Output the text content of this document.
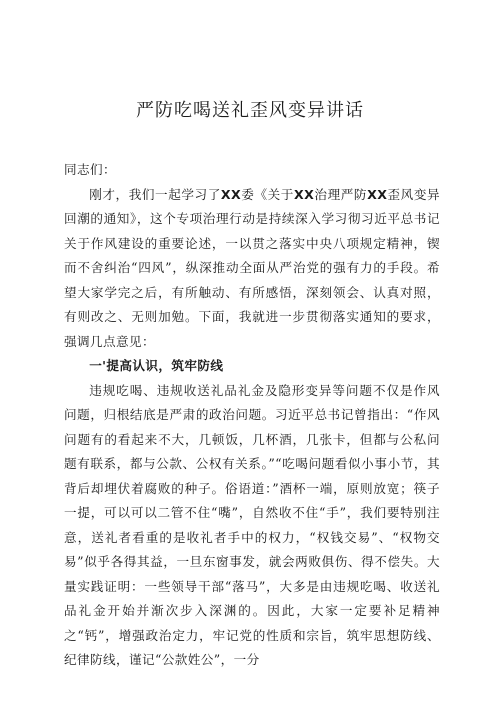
严防吃喝送礼歪风变异讲话

同志们：

刚才，我们一起学习了XX委《关于XX治理严防XX歪风变异回潮的通知》，这个专项治理行动是持续深入学习彻习近平总书记关于作风建设的重要论述，一以贯之落实中央八项规定精神，锲而不舍纠治“四风”，纵深推动全面从严治党的强有力的手段。希望大家学完之后，有所触动、有所感悟，深刻领会、认真对照，有则改之、无则加勉。下面，我就进一步贯彻落实通知的要求，强调几点意见：

一'提高认识，筑牢防线

违规吃喝、违规收送礼品礼金及隐形变异等问题不仅是作风问题，归根结底是严肃的政治问题。习近平总书记曾指出：“作风问题有的看起来不大，几顿饭，几杯酒，几张卡，但都与公私问题有联系，都与公款、公权有关系。”“吃喝问题看似小事小节，其背后却埋伏着腐败的种子。俗语道：”酒杯一端，原则放宽；筷子一提，可以可以二管不住“嘴”，自然收不住“手”，我们要特别注意，送礼者看重的是收礼者手中的权力，“权钱交易”、“权物交易”似乎各得其益，一旦东窗事发，就会两败俱伤、得不偿失。大量实践证明：一些领导干部“落马”，大多是由违规吃喝、收送礼品礼金开始并渐次步入深渊的。因此，大家一定要补足精神之“钙”，增强政治定力，牢记党的性质和宗旨，筑牢思想防线、纪律防线，谨记“公款姓公”，一分
